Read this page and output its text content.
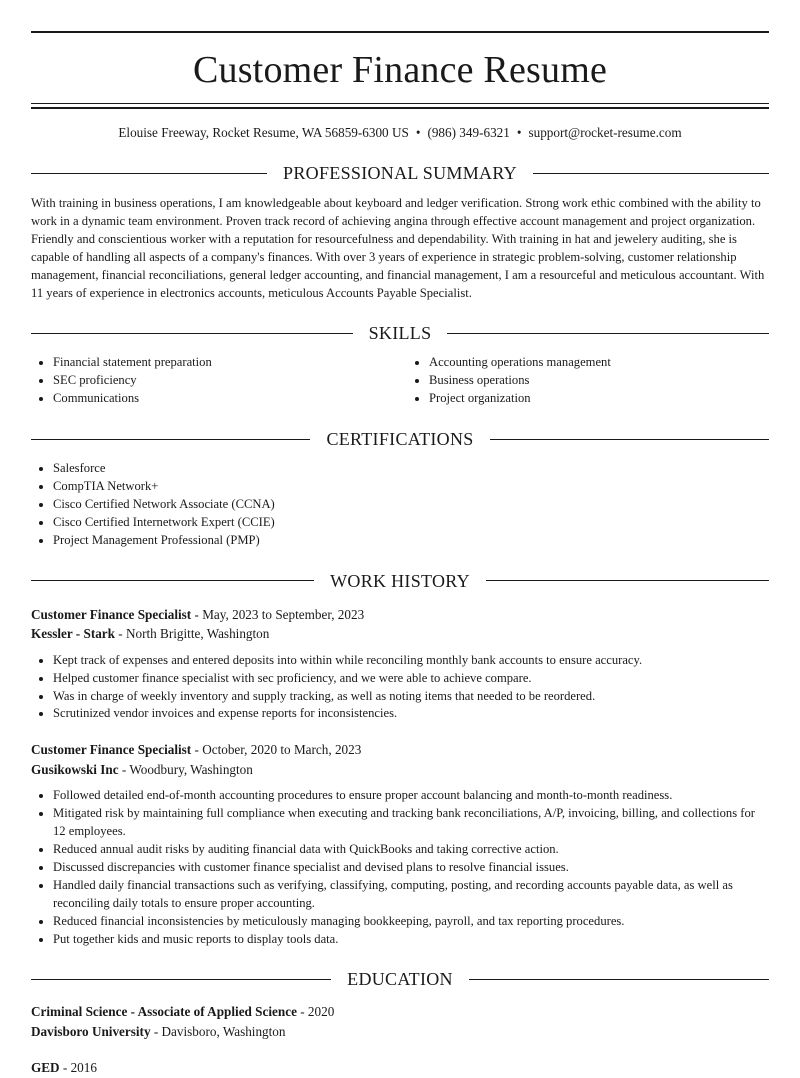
Customer Finance Resume
Elouise Freeway, Rocket Resume, WA 56859-6300 US • (986) 349-6321 • support@rocket-resume.com
PROFESSIONAL SUMMARY

With training in business operations, I am knowledgeable about keyboard and ledger verification. Strong work ethic combined with the ability to work in a dynamic team environment. Proven track record of achieving angina through effective account management and project organization. Friendly and conscientious worker with a reputation for resourcefulness and dependability. With training in hat and jewelery auditing, she is capable of handling all aspects of a company's finances. With over 3 years of experience in strategic problem-solving, customer relationship management, financial reconciliations, general ledger accounting, and financial management, I am a resourceful and meticulous accountant. With 11 years of experience in electronics accounts, meticulous Accounts Payable Specialist.

SKILLS
• Financial statement preparation
• SEC proficiency
• Communications
• Accounting operations management
• Business operations
• Project organization
CERTIFICATIONS
• Salesforce
• CompTIA Network+
• Cisco Certified Network Associate (CCNA)
• Cisco Certified Internetwork Expert (CCIE)
• Project Management Professional (PMP)
WORK HISTORY
Customer Finance Specialist - May, 2023 to September, 2023
Kessler - Stark - North Brigitte, Washington
• Kept track of expenses and entered deposits into within while reconciling monthly bank accounts to ensure accuracy.
• Helped customer finance specialist with sec proficiency, and we were able to achieve compare.
• Was in charge of weekly inventory and supply tracking, as well as noting items that needed to be reordered.
• Scrutinized vendor invoices and expense reports for inconsistencies.
Customer Finance Specialist - October, 2020 to March, 2023
Gusikowski Inc - Woodbury, Washington
• Followed detailed end-of-month accounting procedures to ensure proper account balancing and month-to-month readiness.
• Mitigated risk by maintaining full compliance when executing and tracking bank reconciliations, A/P, invoicing, billing, and collections for 12 employees.
• Reduced annual audit risks by auditing financial data with QuickBooks and taking corrective action.
• Discussed discrepancies with customer finance specialist and devised plans to resolve financial issues.
• Handled daily financial transactions such as verifying, classifying, computing, posting, and recording accounts payable data, as well as reconciling daily totals to ensure proper accounting.
• Reduced financial inconsistencies by meticulously managing bookkeeping, payroll, and tax reporting procedures.
• Put together kids and music reports to display tools data.
EDUCATION
Criminal Science - Associate of Applied Science - 2020
Davisboro University - Davisboro, Washington
GED - 2016
